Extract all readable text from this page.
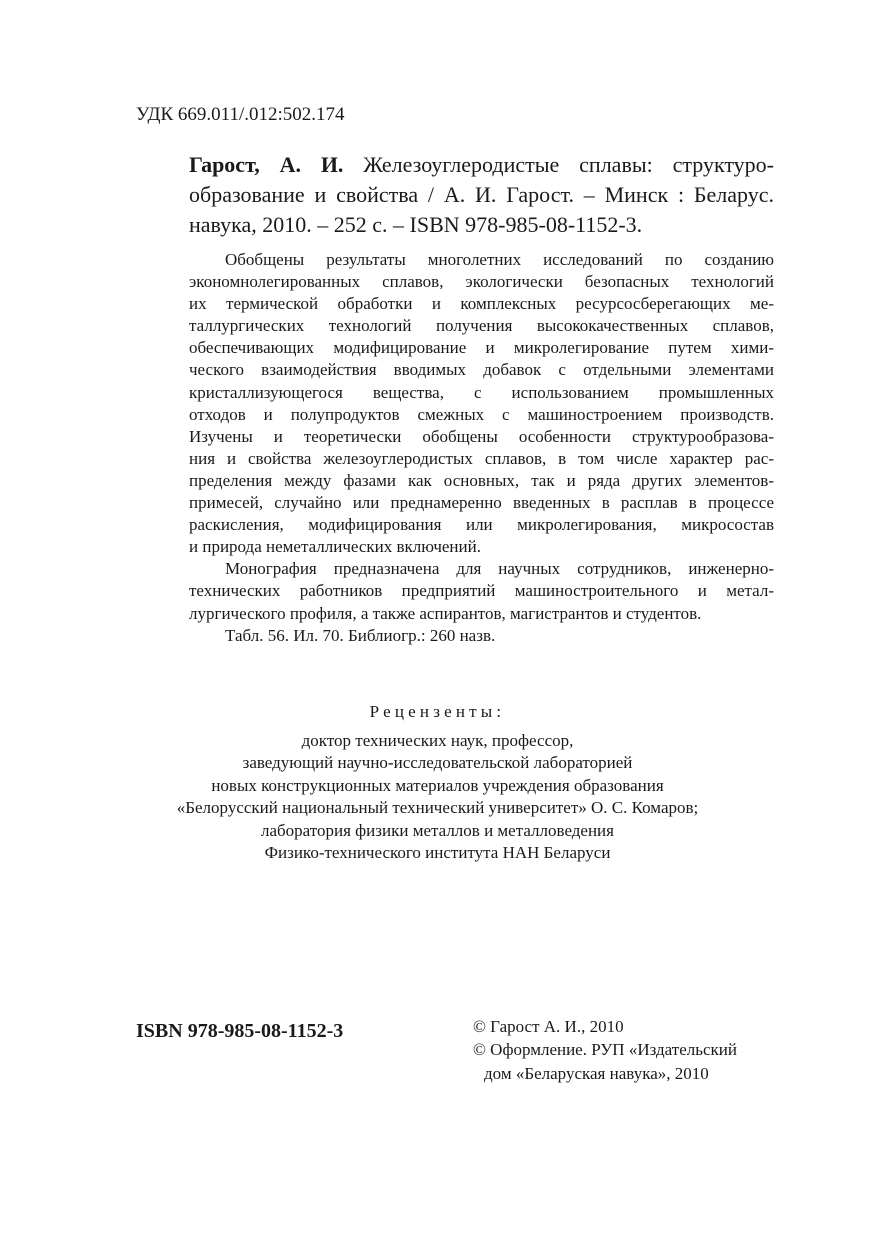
УДК 669.011/.012:502.174
Гарост, А. И. Железоуглеродистые сплавы: структуро-
образование и свойства / А. И. Гарост. – Минск : Беларус.
навука, 2010. – 252 с. – ISBN 978-985-08-1152-3.
Обобщены результаты многолетних исследований по созданию
экономнолегированных сплавов, экологически безопасных технологий
их термической обработки и комплексных ресурсосберегающих ме-
таллургических технологий получения высококачественных сплавов,
обеспечивающих модифицирование и микролегирование путем хими-
ческого взаимодействия вводимых добавок с отдельными элементами
кристаллизующегося вещества, с использованием промышленных
отходов и полупродуктов смежных с машиностроением производств.
Изучены и теоретически обобщены особенности структурообразова-
ния и свойства железоуглеродистых сплавов, в том числе характер рас-
пределения между фазами как основных, так и ряда других элементов-
примесей, случайно или преднамеренно введенных в расплав в процессе
раскисления, модифицирования или микролегирования, микросостав
и природа неметаллических включений.
Монография предназначена для научных сотрудников, инженерно-
технических работников предприятий машиностроительного и метал-
лургического профиля, а также аспирантов, магистрантов и студентов.
Табл. 56. Ил. 70. Библиогр.: 260 назв.
Рецензенты:
доктор технических наук, профессор,
заведующий научно-исследовательской лабораторией
новых конструкционных материалов учреждения образования
«Белорусский национальный технический университет» О. С. Комаров;
лаборатория физики металлов и металловедения
Физико-технического института НАН Беларуси
ISBN 978-985-08-1152-3	© Гарост А. И., 2010
© Оформление. РУП «Издательский
дом «Беларуская навука», 2010
